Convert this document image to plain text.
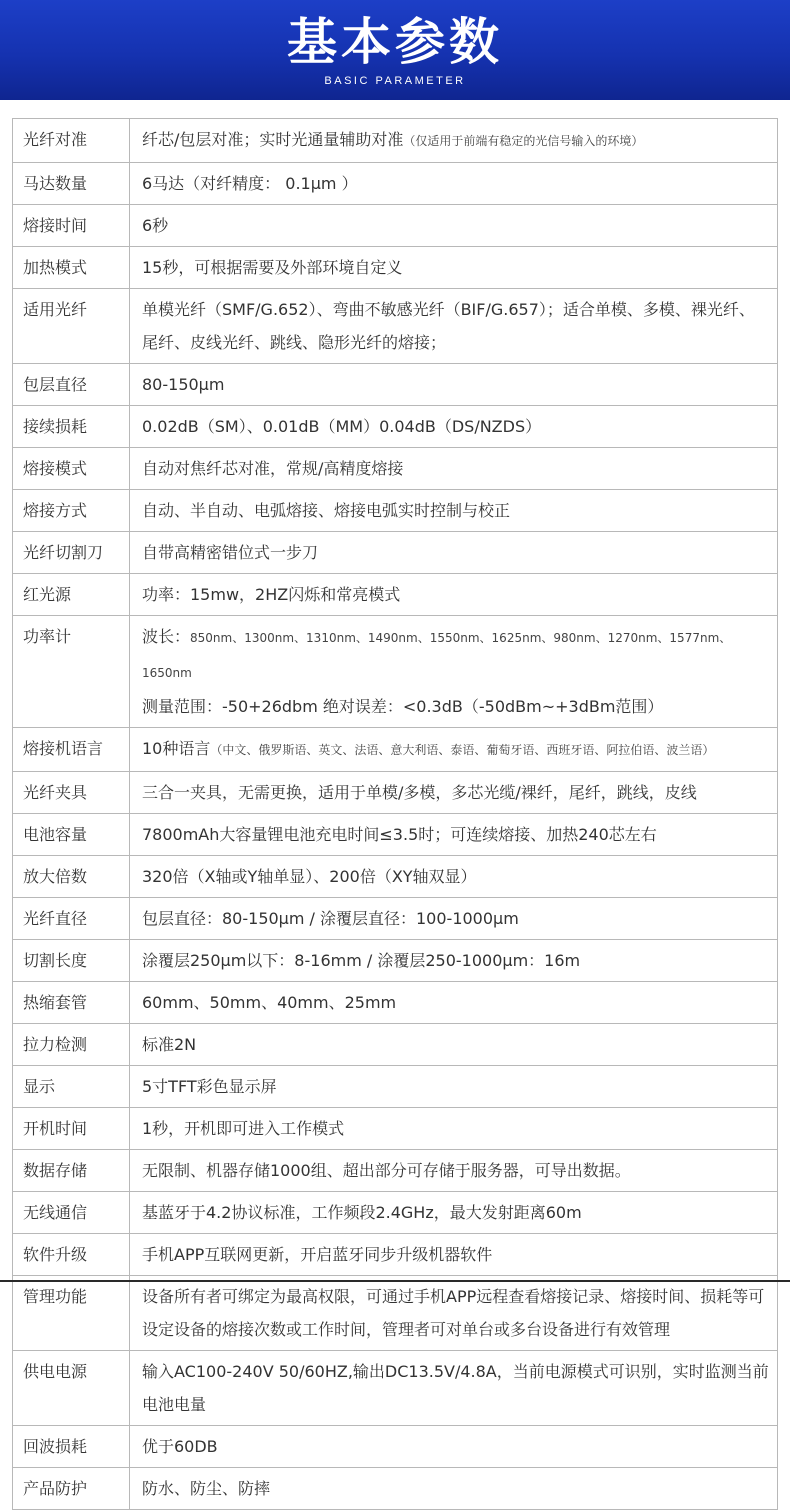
基本参数
BASIC PARAMETER
光纤对准	纤芯/包层对准；实时光通量辅助对准（仅适用于前端有稳定的光信号输入的环境）
马达数量	6马达（对纤精度： 0.1μm ）
熔接时间	6秒
加热模式	15秒，可根据需要及外部环境自定义
适用光纤	单模光纤（SMF/G.652）、弯曲不敏感光纤（BIF/G.657）；适合单模、多模、裸光纤、尾纤、皮线光纤、跳线、隐形光纤的熔接；
包层直径	80-150μm
接续损耗	0.02dB（SM）、0.01dB（MM）0.04dB（DS/NZDS）
熔接模式	自动对焦纤芯对准，常规/高精度熔接
熔接方式	自动、半自动、电弧熔接、熔接电弧实时控制与校正
光纤切割刀	自带高精密错位式一步刀
红光源	功率：15mw，2HZ闪烁和常亮模式
功率计	波长：850nm、1300nm、1310nm、1490nm、1550nm、1625nm、980nm、1270nm、1577nm、1650nm
测量范围：-50+26dbm 绝对误差：<0.3dB（-50dBm~+3dBm范围）
熔接机语言	10种语言（中文、俄罗斯语、英文、法语、意大利语、泰语、葡萄牙语、西班牙语、阿拉伯语、波兰语）
光纤夹具	三合一夹具，无需更换，适用于单模/多模，多芯光缆/裸纤，尾纤，跳线，皮线
电池容量	7800mAh大容量锂电池充电时间≤3.5时；可连续熔接、加热240芯左右
放大倍数	320倍（X轴或Y轴单显）、200倍（XY轴双显）
光纤直径	包层直径：80-150μm / 涂覆层直径：100-1000μm
切割长度	涂覆层250μm以下：8-16mm / 涂覆层250-1000μm：16m
热缩套管	60mm、50mm、40mm、25mm
拉力检测	标准2N
显示	5寸TFT彩色显示屏
开机时间	1秒，开机即可进入工作模式
数据存储	无限制、机器存储1000组、超出部分可存储于服务器，可导出数据。
无线通信	基蓝牙于4.2协议标准，工作频段2.4GHz，最大发射距离60m
软件升级	手机APP互联网更新，开启蓝牙同步升级机器软件
管理功能	设备所有者可绑定为最高权限，可通过手机APP远程查看熔接记录、熔接时间、损耗等可设定设备的熔接次数或工作时间，管理者可对单台或多台设备进行有效管理
供电电源	输入AC100-240V 50/60HZ,输出DC13.5V/4.8A，当前电源模式可识别，实时监测当前电池电量
回波损耗	优于60DB
产品防护	防水、防尘、防摔
